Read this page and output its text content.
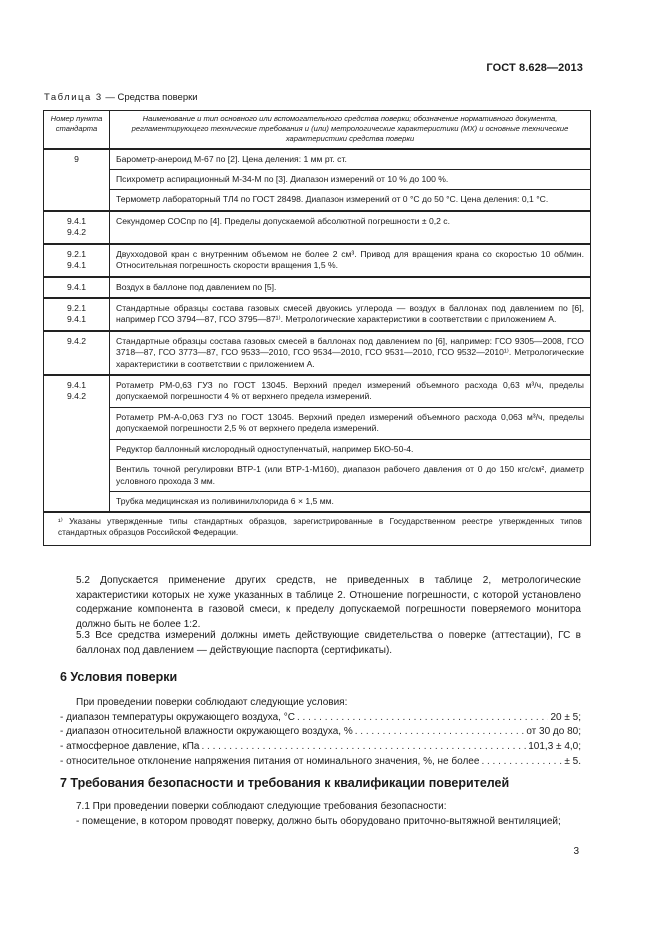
ГОСТ 8.628—2013
Таблица 3 — Средства поверки
Номер пункта стандарта	Наименование и тип основного или вспомогательного средства поверки; обозначение нормативного документа, регламентирующего технические требования и (или) метрологические характеристики (МХ) и основные технические характеристики средства поверки
9	Барометр-анероид М-67 по [2]. Цена деления: 1 мм рт. ст.
	Психрометр аспирационный М-34-М по [3]. Диапазон измерений от 10 % до 100 %.
	Термометр лабораторный ТЛ4 по ГОСТ 28498. Диапазон измерений от 0 °С до 50 °С. Цена деления: 0,1 °С.

9.4.1
9.4.2	Секундомер СОСпр по [4]. Пределы допускаемой абсолютной погрешности ± 0,2 с.

9.2.1
9.4.1	Двухходовой кран с внутренним объемом не более 2 см³. Привод для вращения крана со скоростью 10 об/мин. Относительная погрешность скорости вращения 1,5 %.
9.4.1	Воздух в баллоне под давлением по [5].

9.2.1
9.4.1	Стандартные образцы состава газовых смесей двуокись углерода — воздух в баллонах под давлением по [6], например ГСО 3794—87, ГСО 3795—87¹⁾. Метрологические характеристики в соответствии с приложением А.
9.4.2	Стандартные образцы состава газовых смесей в баллонах под давлением по [6], например: ГСО 9305—2008, ГСО 3718—87, ГСО 3773—87, ГСО 9533—2010, ГСО 9534—2010, ГСО 9531—2010, ГСО 9532—2010¹⁾. Метрологические характеристики в соответствии с приложением А.

9.4.1
9.4.2	Ротаметр РМ-0,63 ГУЗ по ГОСТ 13045. Верхний предел измерений объемного расхода 0,63 м³/ч, пределы допускаемой погрешности 4 % от верхнего предела измерений.
	Ротаметр РМ-А-0,063 ГУЗ по ГОСТ 13045. Верхний предел измерений объемного расхода 0,063 м³/ч, пределы допускаемой погрешности 2,5 % от верхнего предела измерений.
	Редуктор баллонный кислородный одноступенчатый, например БКО-50-4.
	Вентиль точной регулировки ВТР-1 (или ВТР-1-М160), диапазон рабочего давления от 0 до 150 кгс/см², диаметр условного прохода 3 мм.
	Трубка медицинская из поливинилхлорида 6 × 1,5 мм.
¹⁾ Указаны утвержденные типы стандартных образцов, зарегистрированные в Государственном реестре утвержденных типов стандартных образцов Российской Федерации.	
5.2 Допускается применение других средств, не приведенных в таблице 2, метрологические характеристики которых не хуже указанных в таблице 2. Отношение погрешности, с которой установлено содержание компонента в газовой смеси, к пределу допускаемой погрешности поверяемого монитора должно быть не более 1:2.
5.3 Все средства измерений должны иметь действующие свидетельства о поверке (аттестации), ГС в баллонах под давлением — действующие паспорта (сертификаты).
6 Условия поверки
При проведении поверки соблюдают следующие условия:
- диапазон температуры окружающего воздуха, °С . . .	20 ± 5;
- диапазон относительной влажности окружающего воздуха, % . . .	от 30 до 80;
- атмосферное давление, кПа . . .	101,3 ± 4,0;
- относительное отклонение напряжения питания от номинального значения, %, не более . . .	± 5.
7 Требования безопасности и требования к квалификации поверителей
7.1 При проведении поверки соблюдают следующие требования безопасности:
- помещение, в котором проводят поверку, должно быть оборудовано приточно-вытяжной вентиляцией;
3
